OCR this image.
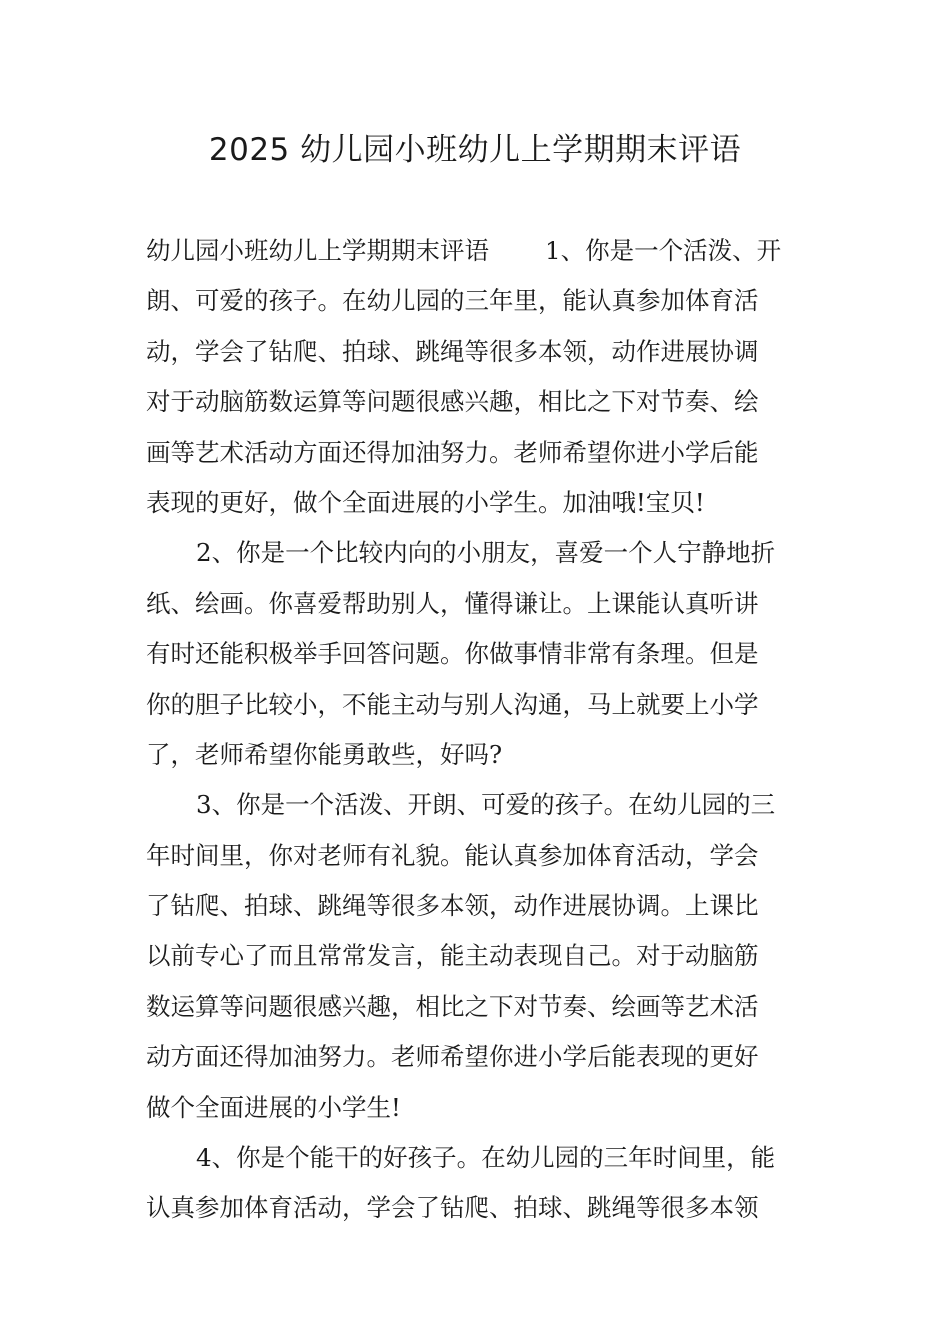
2025 幼儿园小班幼儿上学期期末评语

幼儿园小班幼儿上学期期末评语 1、你是一个活泼、开
朗、可爱的孩子。在幼儿园的三年里，能认真参加体育活
动，学会了钻爬、拍球、跳绳等很多本领，动作进展协调
对于动脑筋数运算等问题很感兴趣，相比之下对节奏、绘
画等艺术活动方面还得加油努力。老师希望你进小学后能
表现的更好，做个全面进展的小学生。加油哦!宝贝!

2、你是一个比较内向的小朋友，喜爱一个人宁静地折
纸、绘画。你喜爱帮助别人，懂得谦让。上课能认真听讲
有时还能积极举手回答问题。你做事情非常有条理。但是
你的胆子比较小，不能主动与别人沟通，马上就要上小学
了，老师希望你能勇敢些，好吗?

3、你是一个活泼、开朗、可爱的孩子。在幼儿园的三
年时间里，你对老师有礼貌。能认真参加体育活动，学会
了钻爬、拍球、跳绳等很多本领，动作进展协调。上课比
以前专心了而且常常发言，能主动表现自己。对于动脑筋
数运算等问题很感兴趣，相比之下对节奏、绘画等艺术活
动方面还得加油努力。老师希望你进小学后能表现的更好
做个全面进展的小学生!

4、你是个能干的好孩子。在幼儿园的三年时间里，能
认真参加体育活动，学会了钻爬、拍球、跳绳等很多本领
